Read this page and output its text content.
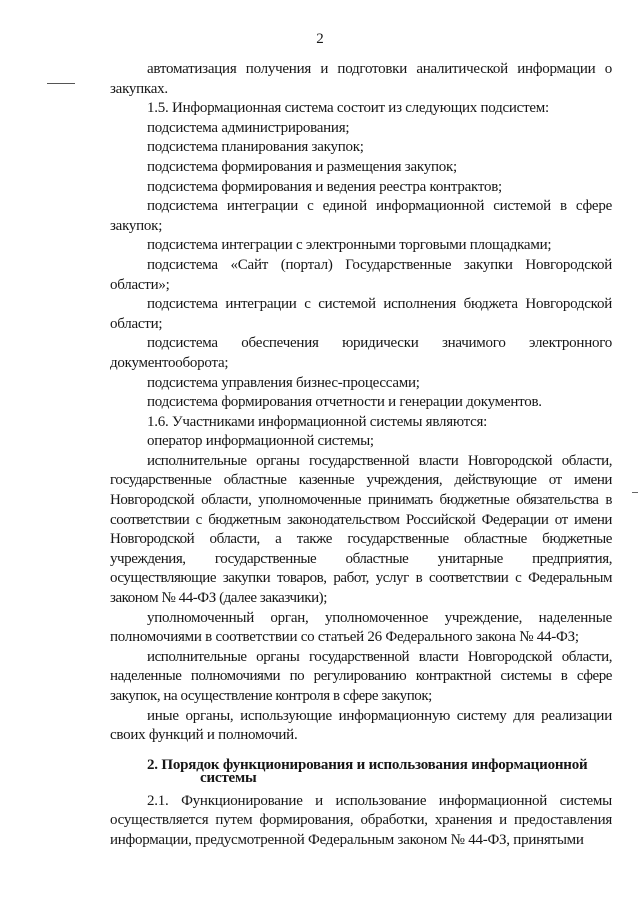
2

автоматизация получения и подготовки аналитической информации о закупках.

1.5. Информационная система состоит из следующих подсистем:

подсистема администрирования;

подсистема планирования закупок;

подсистема формирования и размещения закупок;

подсистема формирования и ведения реестра контрактов;

подсистема интеграции с единой информационной системой в сфере закупок;

подсистема интеграции с электронными торговыми площадками;

подсистема «Сайт (портал) Государственные закупки Новгородской области»;

подсистема интеграции с системой исполнения бюджета Новгородской области;

подсистема обеспечения юридически значимого электронного документооборота;

подсистема управления бизнес-процессами;

подсистема формирования отчетности и генерации документов.

1.6. Участниками информационной системы являются:

оператор информационной системы;

исполнительные органы государственной власти Новгородской области, государственные областные казенные учреждения, действующие от имени Новгородской области, уполномоченные принимать бюджетные обязательства в соответствии с бюджетным законодательством Российской Федерации от имени Новгородской области, а также государственные областные бюджетные учреждения, государственные областные унитарные предприятия, осуществляющие закупки товаров, работ, услуг в соответствии с Федеральным законом № 44-ФЗ (далее заказчики);

уполномоченный орган, уполномоченное учреждение, наделенные полномочиями в соответствии со статьей 26 Федерального закона № 44-ФЗ;

исполнительные органы государственной власти Новгородской области, наделенные полномочиями по регулированию контрактной системы в сфере закупок, на осуществление контроля в сфере закупок;

иные органы, использующие информационную систему для реализации своих функций и полномочий.

2. Порядок функционирования и использования информационной
системы

2.1. Функционирование и использование информационной системы осуществляется путем формирования, обработки, хранения и предоставления информации, предусмотренной Федеральным законом № 44-ФЗ, принятыми
